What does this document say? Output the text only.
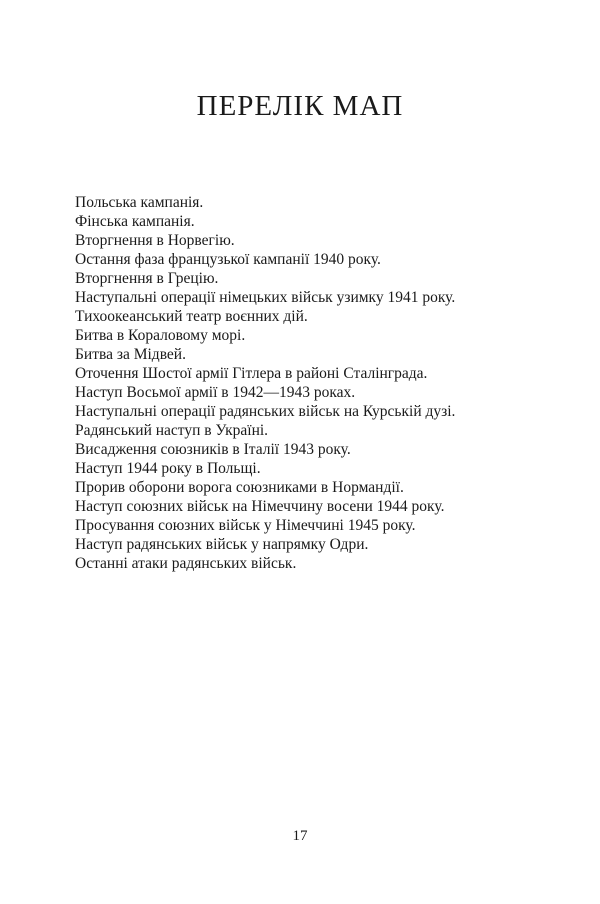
ПЕРЕЛІК МАП
Польська кампанія.
Фінська кампанія.
Вторгнення в Норвегію.
Остання фаза французької кампанії 1940 року.
Вторгнення в Грецію.
Наступальні операції німецьких військ узимку 1941 року.
Тихоокеанський театр воєнних дій.
Битва в Кораловому морі.
Битва за Мідвей.
Оточення Шостої армії Гітлера в районі Сталінграда.
Наступ Восьмої армії в 1942—1943 роках.
Наступальні операції радянських військ на Курській дузі.
Радянський наступ в Україні.
Висадження союзників в Італії 1943 року.
Наступ 1944 року в Польщі.
Прорив оборони ворога союзниками в Нормандії.
Наступ союзних військ на Німеччину восени 1944 року.
Просування союзних військ у Німеччині 1945 року.
Наступ радянських військ у напрямку Одри.
Останні атаки радянських військ.
17
